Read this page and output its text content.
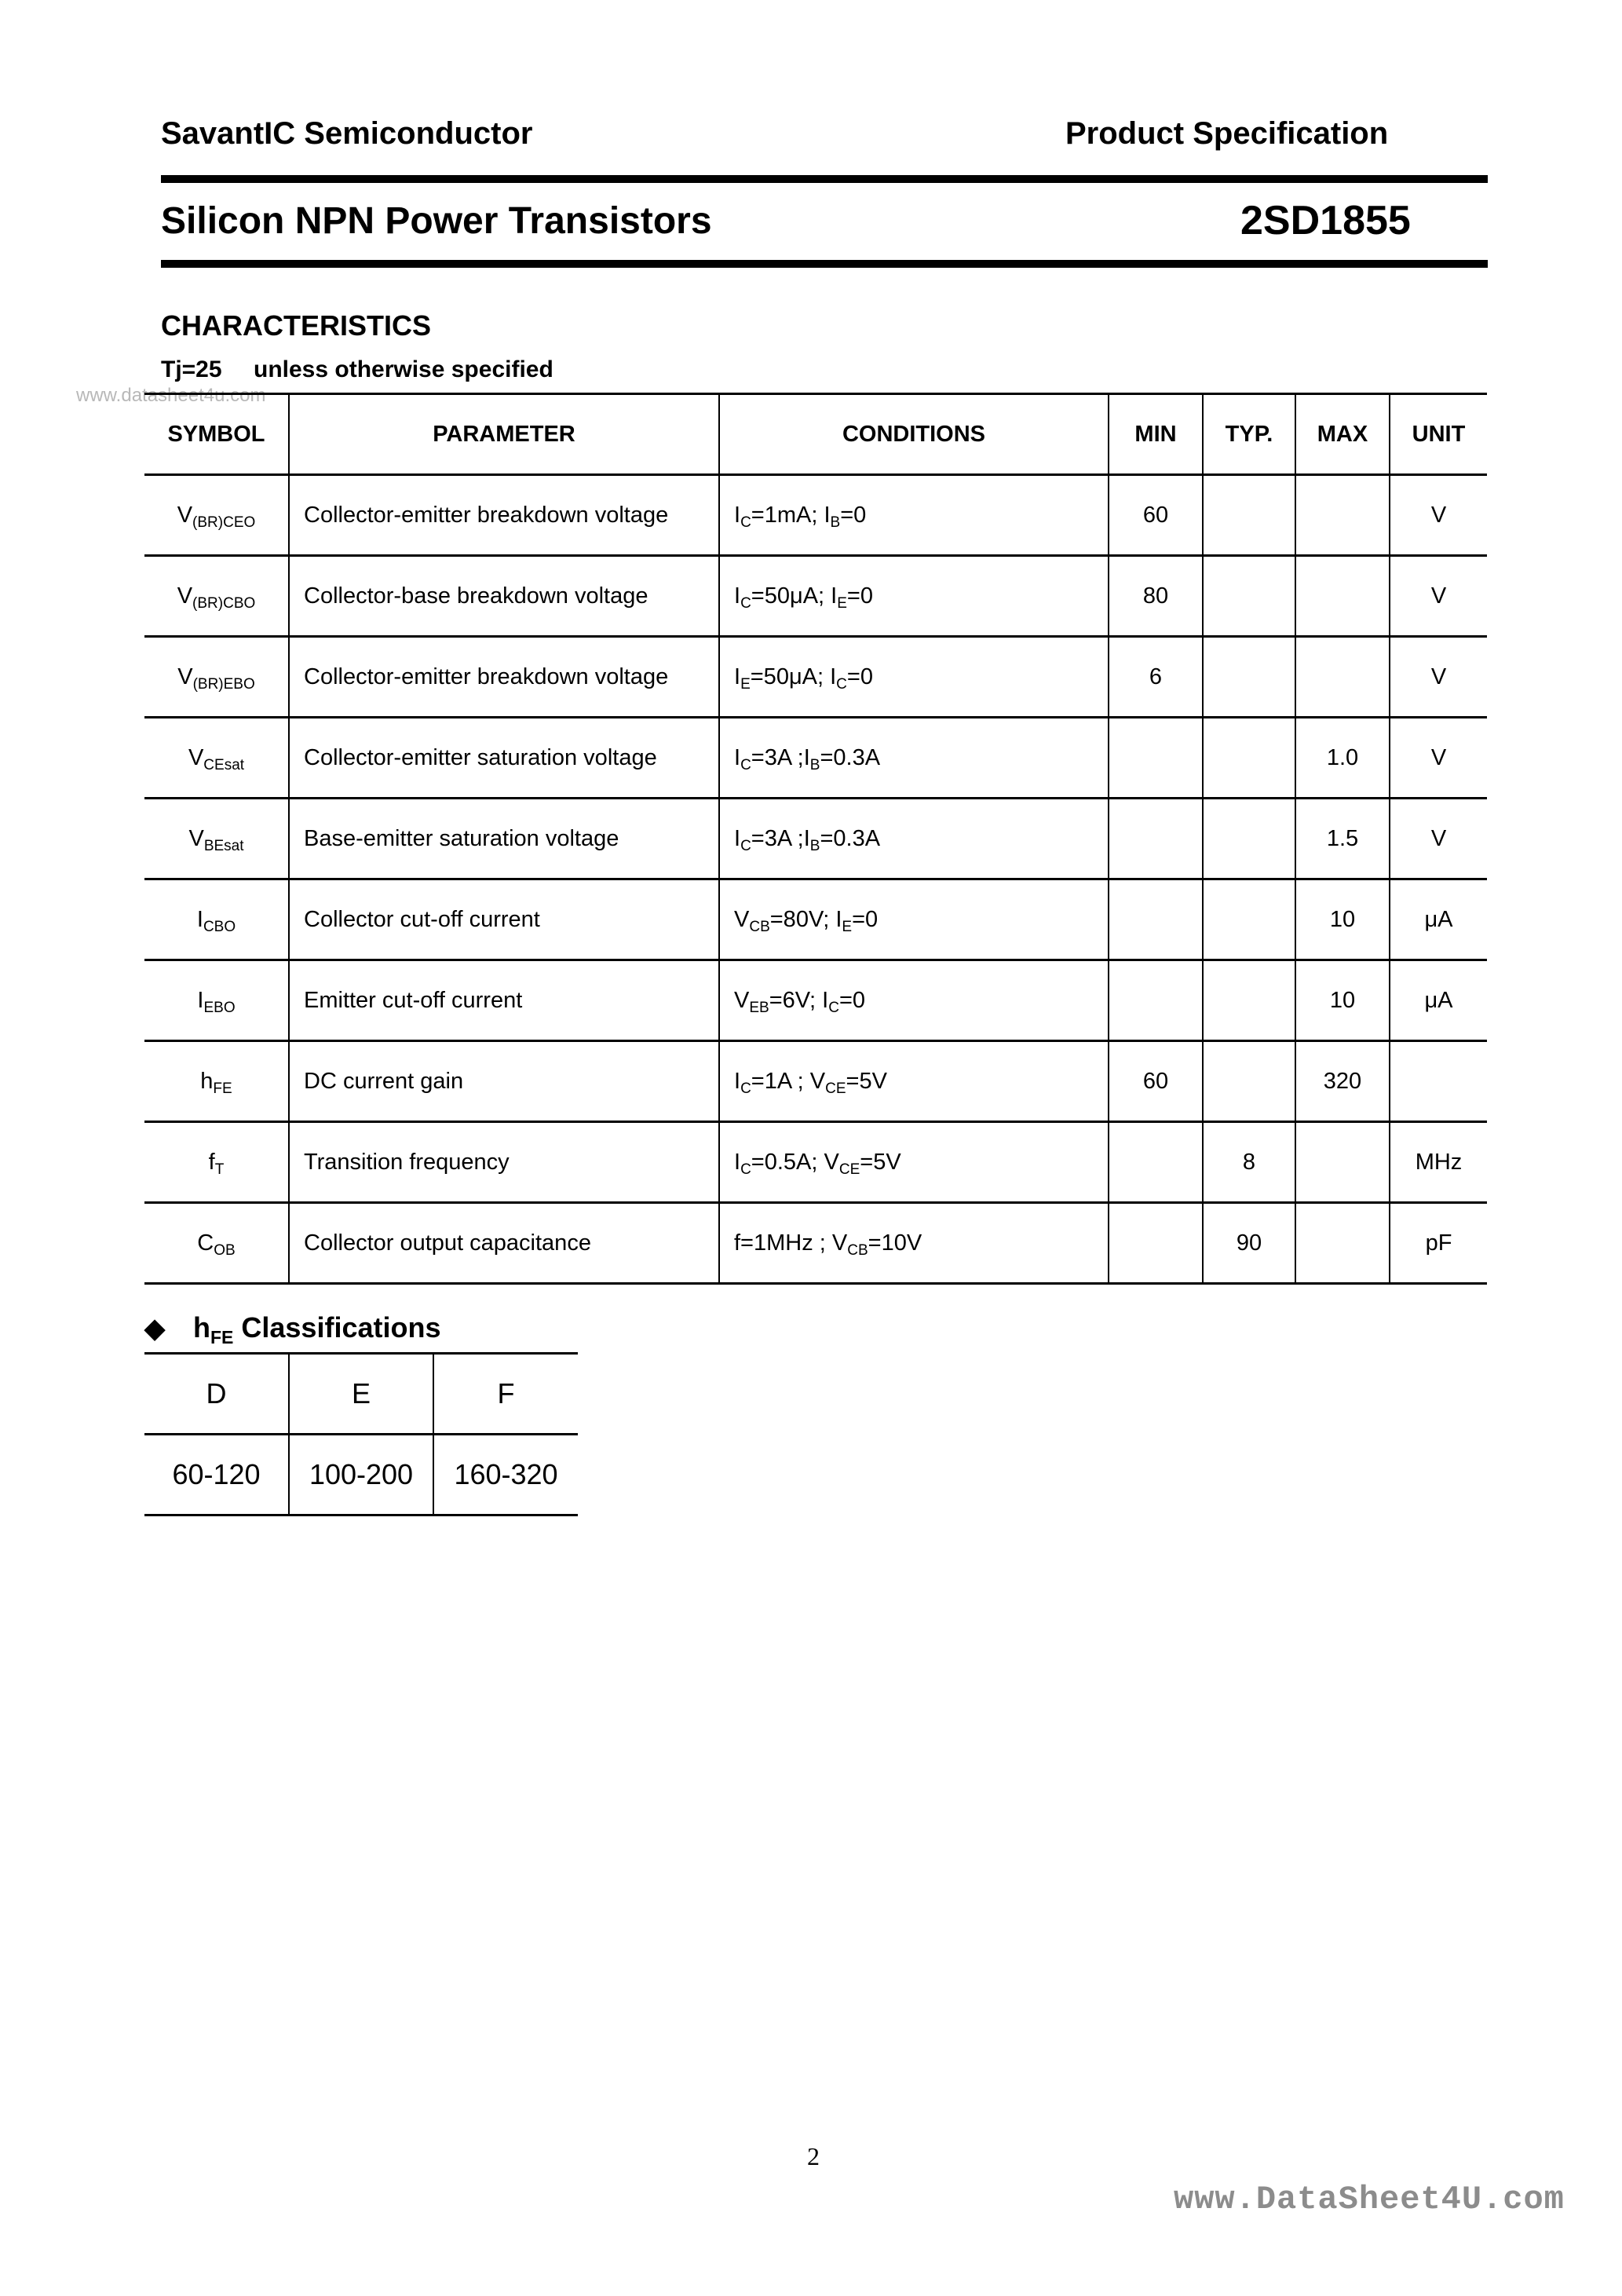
SavantIC Semiconductor	Product Specification
Silicon NPN Power Transistors	2SD1855
CHARACTERISTICS
Tj=25 unless otherwise specified
www.datasheet4u.com
SYMBOL	PARAMETER	CONDITIONS	MIN	TYP.	MAX	UNIT
$V_{(BR)CEO}$	Collector-emitter breakdown voltage	$I_C=1mA$; $I_B=0$	60			V
$V_{(BR)CBO}$	Collector-base breakdown voltage	$I_C=50\mu A$; $I_E=0$	80			V
$V_{(BR)EBO}$	Collector-emitter breakdown voltage	$I_E=50\mu A$; $I_C=0$	6			V
$V_{CEsat}$	Collector-emitter saturation voltage	$I_C=3A$ $;I_B=0.3A$			1.0	V
$V_{BEsat}$	Base-emitter saturation voltage	$I_C=3A$ $;I_B=0.3A$			1.5	V
$I_{CBO}$	Collector cut-off current	$V_{CB}=80V$; $I_E=0$			10	μA
$I_{EBO}$	Emitter cut-off current	$V_{EB}=6V$; $I_C=0$			10	μA
$h_{FE}$	DC current gain	$I_C=1A$ ; $V_{CE}=5V$	60		320	
$f_T$	Transition frequency	$I_C=0.5A$; $V_{CE}=5V$		8		MHz
$C_{OB}$	Collector output capacitance	f=1MHz ; $V_{CB}=10V$		90		pF
◆ $h_{FE}$ Classifications
D	E	F
60-120	100-200	160-320
2
www.DataSheet4U.com
